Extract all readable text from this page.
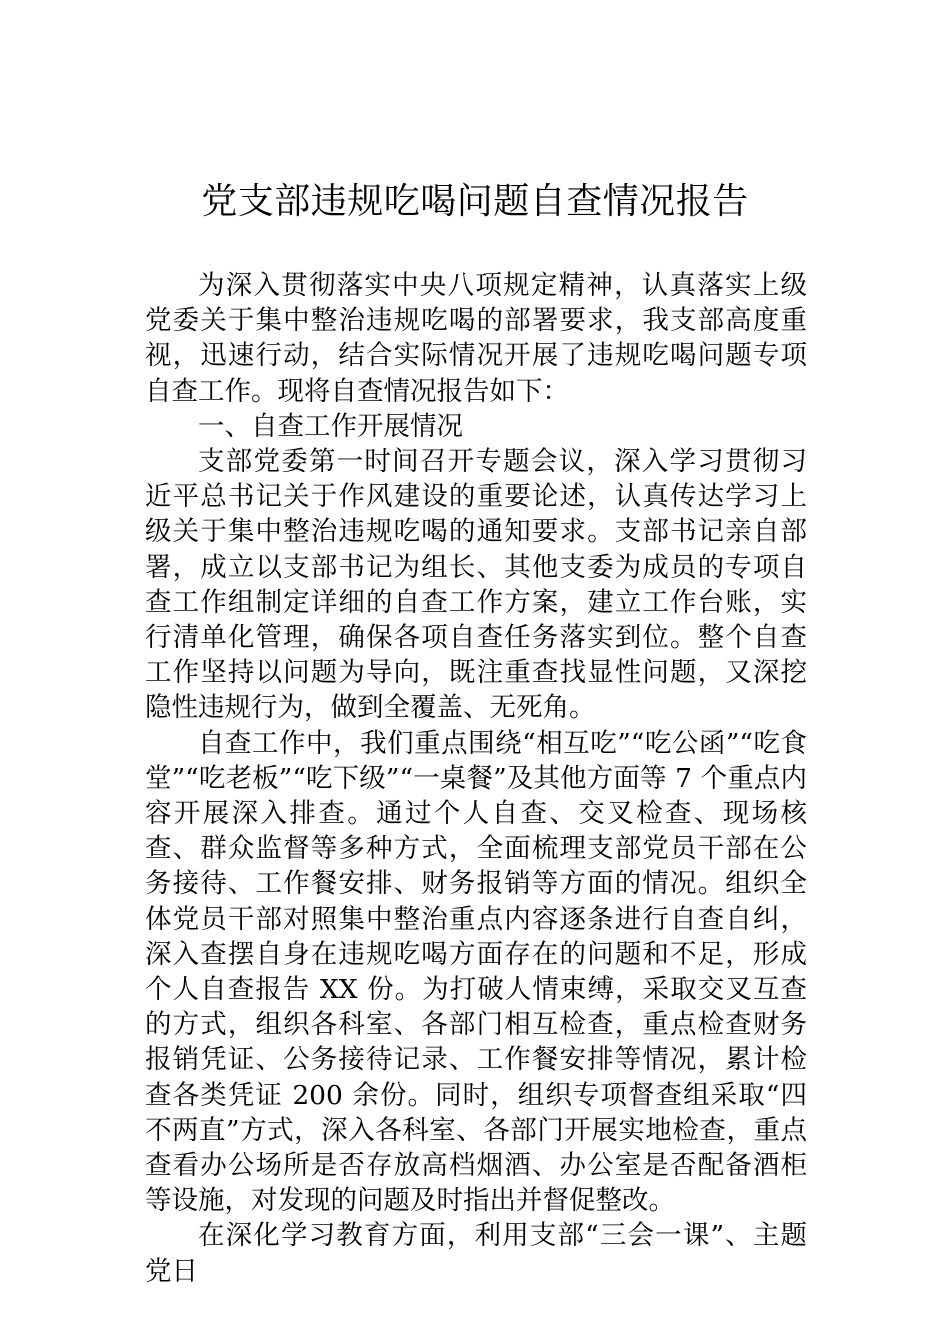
党支部违规吃喝问题自查情况报告

为深入贯彻落实中央八项规定精神，认真落实上级党委关于集中整治违规吃喝的部署要求，我支部高度重视，迅速行动，结合实际情况开展了违规吃喝问题专项自查工作。现将自查情况报告如下：

一、自查工作开展情况

支部党委第一时间召开专题会议，深入学习贯彻习近平总书记关于作风建设的重要论述，认真传达学习上级关于集中整治违规吃喝的通知要求。支部书记亲自部署，成立以支部书记为组长、其他支委为成员的专项自查工作组制定详细的自查工作方案，建立工作台账，实行清单化管理，确保各项自查任务落实到位。整个自查工作坚持以问题为导向，既注重查找显性问题，又深挖隐性违规行为，做到全覆盖、无死角。

自查工作中，我们重点围绕“相互吃”“吃公函”“吃食堂”“吃老板”“吃下级”“一桌餐”及其他方面等 7 个重点内容开展深入排查。通过个人自查、交叉检查、现场核查、群众监督等多种方式，全面梳理支部党员干部在公务接待、工作餐安排、财务报销等方面的情况。组织全体党员干部对照集中整治重点内容逐条进行自查自纠，深入查摆自身在违规吃喝方面存在的问题和不足，形成个人自查报告 XX 份。为打破人情束缚，采取交叉互查的方式，组织各科室、各部门相互检查，重点检查财务报销凭证、公务接待记录、工作餐安排等情况，累计检查各类凭证 200 余份。同时，组织专项督查组采取“四不两直”方式，深入各科室、各部门开展实地检查，重点查看办公场所是否存放高档烟酒、办公室是否配备酒柜等设施，对发现的问题及时指出并督促整改。

在深化学习教育方面，利用支部“三会一课”、主题党日
